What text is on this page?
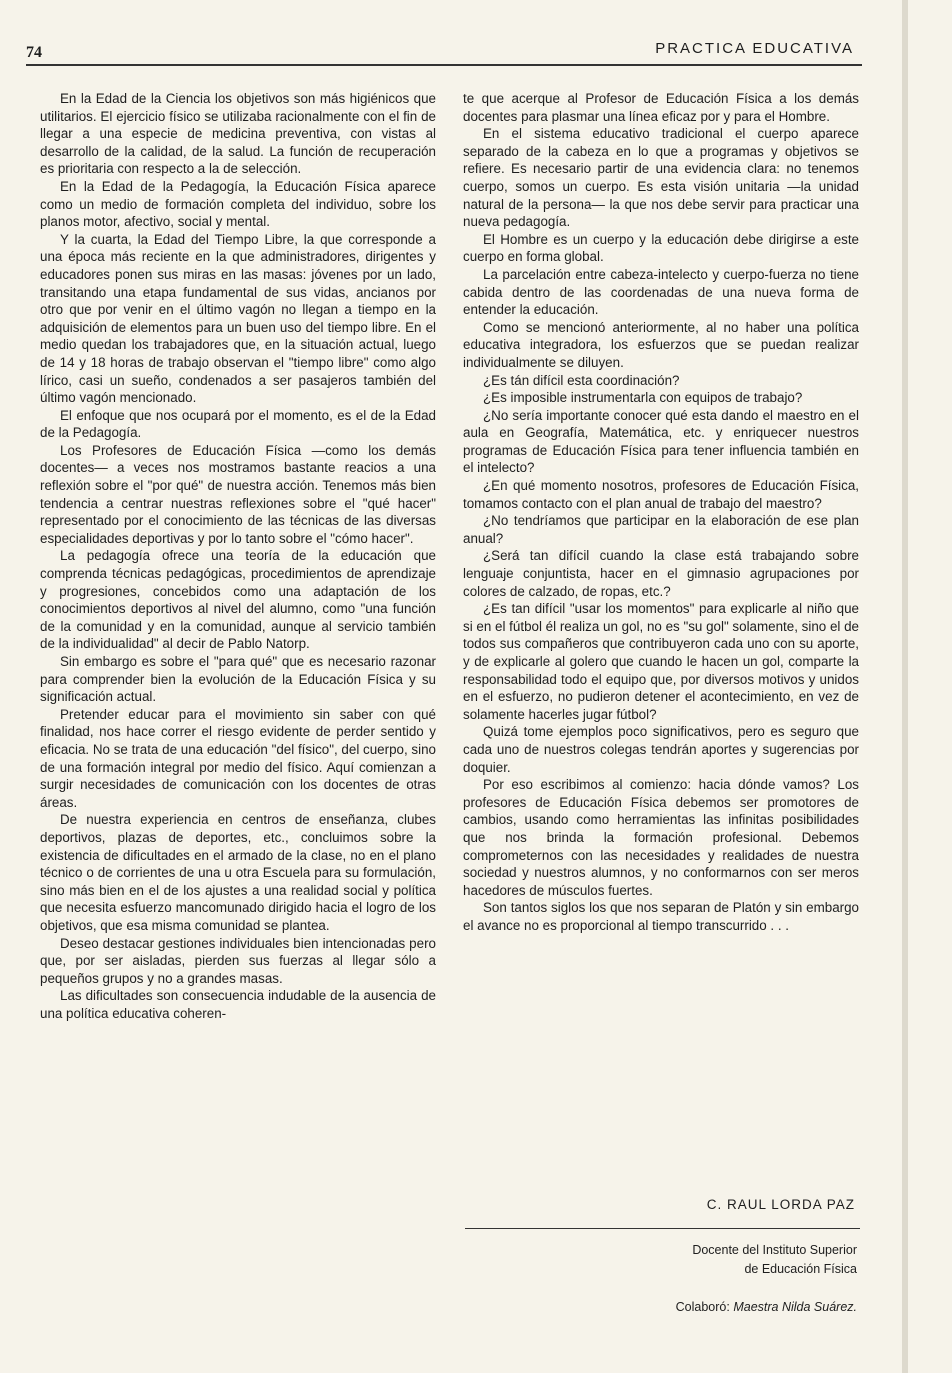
74	PRACTICA EDUCATIVA

En la Edad de la Ciencia los objetivos son más higiénicos que utilitarios. El ejercicio físico se utilizaba racionalmente con el fin de llegar a una especie de medicina preventiva, con vistas al desarrollo de la calidad, de la salud. La función de recuperación es prioritaria con respecto a la de selección.

En la Edad de la Pedagogía, la Educación Física aparece como un medio de formación completa del individuo, sobre los planos motor, afectivo, social y mental.

Y la cuarta, la Edad del Tiempo Libre, la que corresponde a una época más reciente en la que administradores, dirigentes y educadores ponen sus miras en las masas: jóvenes por un lado, transitando una etapa fundamental de sus vidas, ancianos por otro que por venir en el último vagón no llegan a tiempo en la adquisición de elementos para un buen uso del tiempo libre. En el medio quedan los trabajadores que, en la situación actual, luego de 14 y 18 horas de trabajo observan el "tiempo libre" como algo lírico, casi un sueño, condenados a ser pasajeros también del último vagón mencionado.

El enfoque que nos ocupará por el momento, es el de la Edad de la Pedagogía.

Los Profesores de Educación Física —como los demás docentes— a veces nos mostramos bastante reacios a una reflexión sobre el "por qué" de nuestra acción. Tenemos más bien tendencia a centrar nuestras reflexiones sobre el "qué hacer" representado por el conocimiento de las técnicas de las diversas especialidades deportivas y por lo tanto sobre el "cómo hacer".

La pedagogía ofrece una teoría de la educación que comprenda técnicas pedagógicas, procedimientos de aprendizaje y progresiones, concebidos como una adaptación de los conocimientos deportivos al nivel del alumno, como "una función de la comunidad y en la comunidad, aunque al servicio también de la individualidad" al decir de Pablo Natorp.

Sin embargo es sobre el "para qué" que es necesario razonar para comprender bien la evolución de la Educación Física y su significación actual.

Pretender educar para el movimiento sin saber con qué finalidad, nos hace correr el riesgo evidente de perder sentido y eficacia. No se trata de una educación "del físico", del cuerpo, sino de una formación integral por medio del físico. Aquí comienzan a surgir necesidades de comunicación con los docentes de otras áreas.

De nuestra experiencia en centros de enseñanza, clubes deportivos, plazas de deportes, etc., concluimos sobre la existencia de dificultades en el armado de la clase, no en el plano técnico o de corrientes de una u otra Escuela para su formulación, sino más bien en el de los ajustes a una realidad social y política que necesita esfuerzo mancomunado dirigido hacia el logro de los objetivos, que esa misma comunidad se plantea.

Deseo destacar gestiones individuales bien intencionadas pero que, por ser aisladas, pierden sus fuerzas al llegar sólo a pequeños grupos y no a grandes masas.

Las dificultades son consecuencia indudable de la ausencia de una política educativa coheren-

te que acerque al Profesor de Educación Física a los demás docentes para plasmar una línea eficaz por y para el Hombre.

En el sistema educativo tradicional el cuerpo aparece separado de la cabeza en lo que a programas y objetivos se refiere. Es necesario partir de una evidencia clara: no tenemos cuerpo, somos un cuerpo. Es esta visión unitaria —la unidad natural de la persona— la que nos debe servir para practicar una nueva pedagogía.

El Hombre es un cuerpo y la educación debe dirigirse a este cuerpo en forma global.

La parcelación entre cabeza-intelecto y cuerpo-fuerza no tiene cabida dentro de las coordenadas de una nueva forma de entender la educación.

Como se mencionó anteriormente, al no haber una política educativa integradora, los esfuerzos que se puedan realizar individualmente se diluyen.

¿Es tán difícil esta coordinación?

¿Es imposible instrumentarla con equipos de trabajo?

¿No sería importante conocer qué esta dando el maestro en el aula en Geografía, Matemática, etc. y enriquecer nuestros programas de Educación Física para tener influencia también en el intelecto?

¿En qué momento nosotros, profesores de Educación Física, tomamos contacto con el plan anual de trabajo del maestro?

¿No tendríamos que participar en la elaboración de ese plan anual?

¿Será tan difícil cuando la clase está trabajando sobre lenguaje conjuntista, hacer en el gimnasio agrupaciones por colores de calzado, de ropas, etc.?

¿Es tan difícil "usar los momentos" para explicarle al niño que si en el fútbol él realiza un gol, no es "su gol" solamente, sino el de todos sus compañeros que contribuyeron cada uno con su aporte, y de explicarle al golero que cuando le hacen un gol, comparte la responsabilidad todo el equipo que, por diversos motivos y unidos en el esfuerzo, no pudieron detener el acontecimiento, en vez de solamente hacerles jugar fútbol?

Quizá tome ejemplos poco significativos, pero es seguro que cada uno de nuestros colegas tendrán aportes y sugerencias por doquier.

Por eso escribimos al comienzo: hacia dónde vamos? Los profesores de Educación Física debemos ser promotores de cambios, usando como herramientas las infinitas posibilidades que nos brinda la formación profesional. Debemos comprometernos con las necesidades y realidades de nuestra sociedad y nuestros alumnos, y no conformarnos con ser meros hacedores de músculos fuertes.

Son tantos siglos los que nos separan de Platón y sin embargo el avance no es proporcional al tiempo transcurrido . . .

C. RAUL LORDA PAZ
Docente del Instituto Superior
de Educación Física
Colaboró: Maestra Nilda Suárez.
